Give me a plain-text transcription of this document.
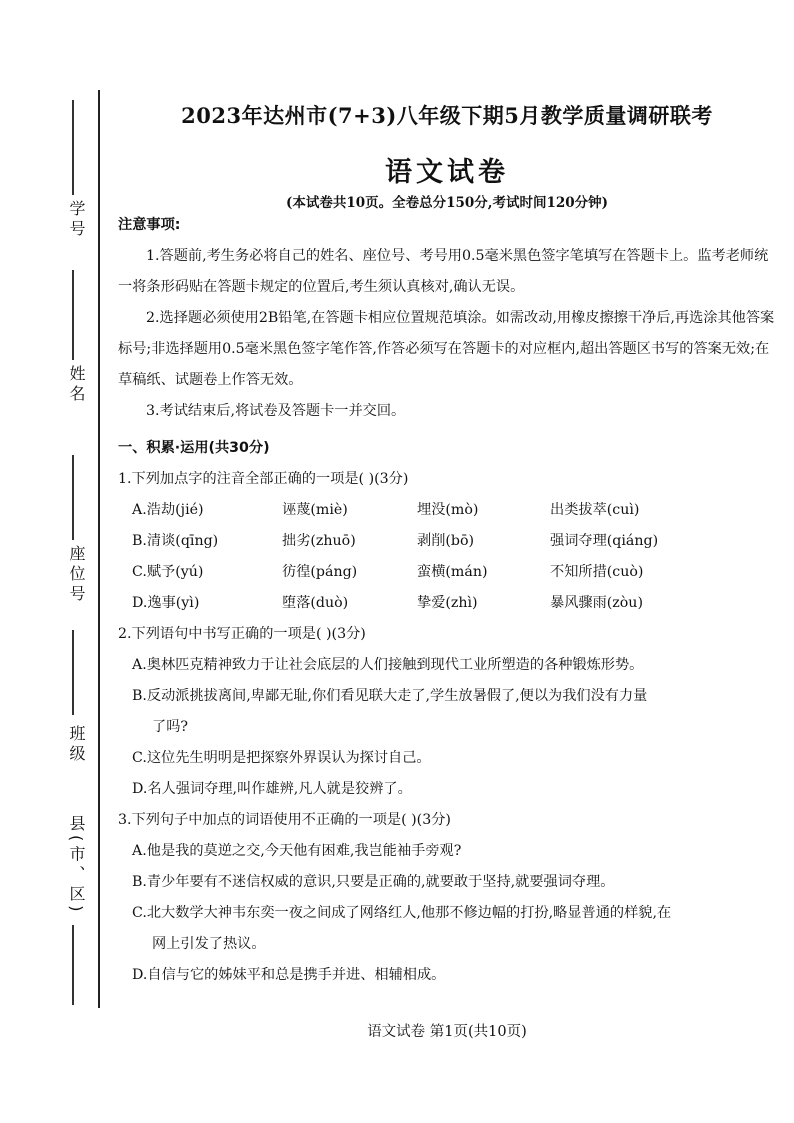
学号
姓名
座位号
班级
县(市、区)
2023年达州市(7+3)八年级下期5月教学质量调研联考
语文试卷
(本试卷共10页。全卷总分150分,考试时间120分钟)
注意事项:
1.答题前,考生务必将自己的姓名、座位号、考号用0.5毫米黑色签字笔填写在答题卡上。监考老师统一将条形码贴在答题卡规定的位置后,考生须认真核对,确认无误。
2.选择题必须使用2B铅笔,在答题卡相应位置规范填涂。如需改动,用橡皮擦擦干净后,再选涂其他答案标号;非选择题用0.5毫米黑色签字笔作答,作答必须写在答题卡的对应框内,超出答题区书写的答案无效;在草稿纸、试题卷上作答无效。
3.考试结束后,将试卷及答题卡一并交回。
一、积累·运用(共30分)
1.下列加点字的注音全部正确的一项是( )(3分)
A.浩劫(jié)	诬蔑(miè)	埋没(mò)	出类拔萃(cuì)
B.清谈(qīng)	拙劣(zhuō)	剥削(bō)	强词夺理(qiáng)
C.赋予(yú)	彷徨(páng)	蛮横(mán)	不知所措(cuò)
D.逸事(yì)	堕落(duò)	挚爱(zhì)	暴风骤雨(zòu)
2.下列语句中书写正确的一项是( )(3分)
A.奥林匹克精神致力于让社会底层的人们接触到现代工业所塑造的各种锻炼形势。
B.反动派挑拔离间,卑鄙无耻,你们看见联大走了,学生放暑假了,便以为我们没有力量
了吗?
C.这位先生明明是把探察外界误认为探讨自己。
D.名人强词夺理,叫作雄辨,凡人就是狡辨了。
3.下列句子中加点的词语使用不正确的一项是( )(3分)
A.他是我的莫逆之交,今天他有困难,我岂能袖手旁观?
B.青少年要有不迷信权威的意识,只要是正确的,就要敢于坚持,就要强词夺理。
C.北大数学大神韦东奕一夜之间成了网络红人,他那不修边幅的打扮,略显普通的样貌,在
网上引发了热议。
D.自信与它的姊妹平和总是携手并进、相辅相成。
语文试卷 第1页(共10页)
